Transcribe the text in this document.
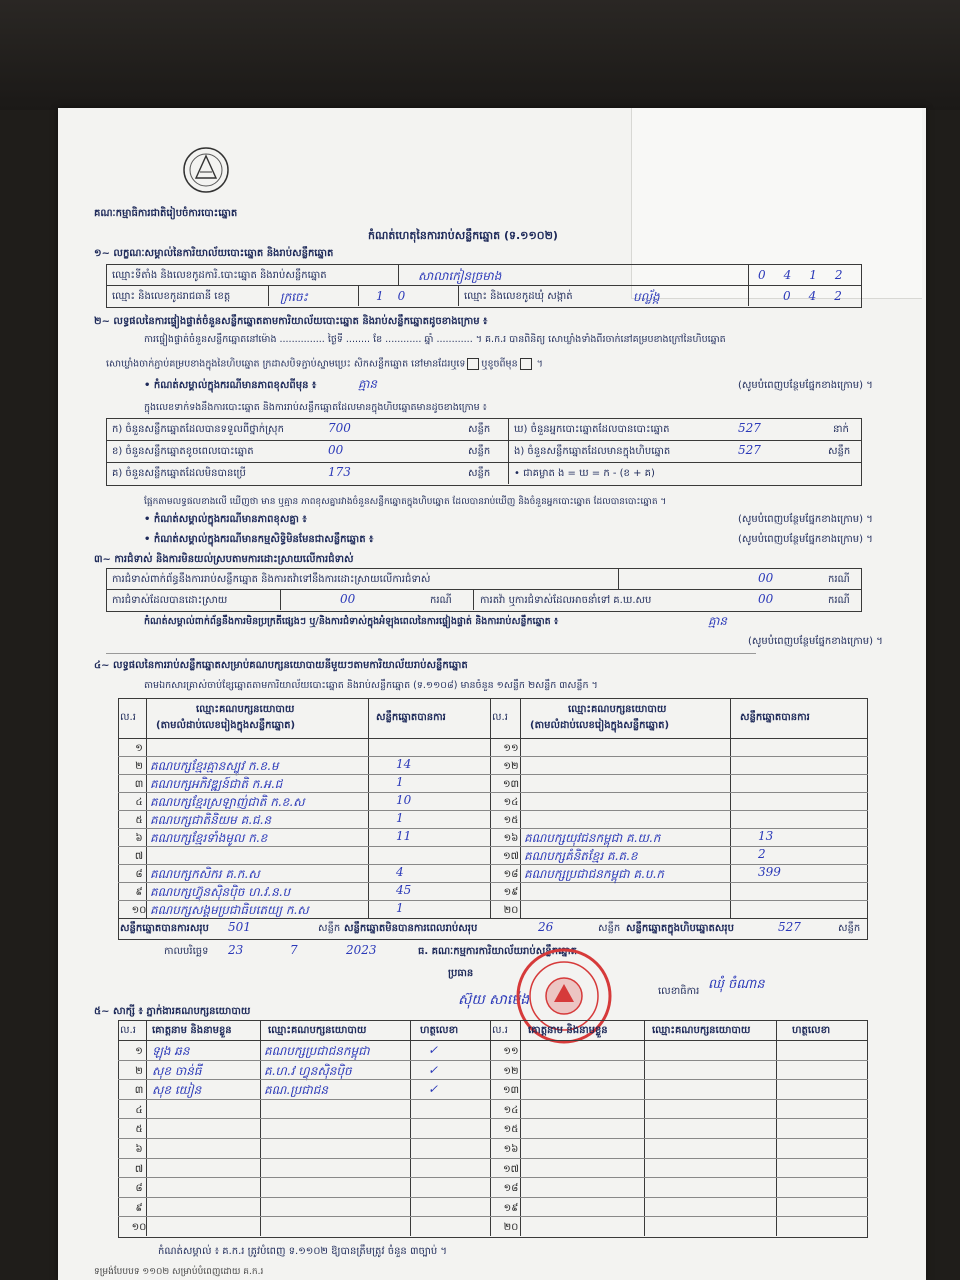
គណៈកម្មាធិការជាតិរៀបចំការបោះឆ្នោត
កំណត់ហេតុនៃការរាប់សន្លឹកឆ្នោត (ទ.១១០២)
១~ លក្ខណៈសម្គាល់នៃការិយាល័យបោះឆ្នោត និងរាប់សន្លឹកឆ្នោត
ឈ្មោះទីតាំង និងលេខកូដការិ.បោះឆ្នោត និងរាប់សន្លឹកឆ្នោត	សាលាកៀនច្រមាង	0412
ឈ្មោះ និងលេខកូដរាជធានី ខេត្ត	ក្រចេះ	10	ឈ្មោះ និងលេខកូដឃុំ សង្កាត់	បល្ល័ង្ក	042
២~ លទ្ធផលនៃការផ្ទៀងផ្ទាត់ចំនួនសន្លឹកឆ្នោតតាមការិយាល័យបោះឆ្នោត និងរាប់សន្លឹកឆ្នោតដូចខាងក្រោម ៖
ការផ្ទៀងផ្ទាត់ចំនួនសន្លឹកឆ្នោតនៅម៉ោង ............... ថ្ងៃទី ........ ខែ ............ ឆ្នាំ ............ ។ គ.ក.រ បានពិនិត្យ សោឃ្លាំងទាំងពីរចាក់នៅគម្របខាងក្រៅនៃហិបឆ្នោត
សោឃ្លាំងចាក់ភ្ជាប់គម្របខាងក្នុងនៃហិបឆ្នោត ក្រដាសបិទភ្ជាប់ស្នាមប្រេះ សិកសន្លឹកឆ្នោត នៅមានដែរឬទេ ឬខូចពីមុន ។
• កំណត់សម្គាល់ក្នុងករណីមានភាពខុសពីមុន ៖	គ្មាន	(សូមបំពេញបន្ថែមផ្នែកខាងក្រោម) ។
ក្នុងលេខទាក់ទងនឹងការបោះឆ្នោត និងការរាប់សន្លឹកឆ្នោតដែលមានក្នុងហិបឆ្នោតមានដូចខាងក្រោម ៖
ក) ចំនួនសន្លឹកឆ្នោតដែលបានទទួលពីថ្នាក់ស្រុក	700	សន្លឹក
ខ) ចំនួនសន្លឹកឆ្នោតខូចពេលបោះឆ្នោត	00	សន្លឹក
គ) ចំនួនសន្លឹកឆ្នោតដែលមិនបានប្រើ	173	សន្លឹក
ឃ) ចំនួនអ្នកបោះឆ្នោតដែលបានបោះឆ្នោត	527	នាក់
ង) ចំនួនសន្លឹកឆ្នោតដែលមានក្នុងហិបឆ្នោត	527	សន្លឹក
• ជាគម្លាត ង = ឃ = ក - (ខ + គ)
ផ្អែកតាមលទ្ធផលខាងលើ ឃើញថា មាន ឬគ្មាន ភាពខុសគ្នារវាងចំនួនសន្លឹកឆ្នោតក្នុងហិបឆ្នោត ដែលបានរាប់ឃើញ និងចំនួនអ្នកបោះឆ្នោត ដែលបានបោះឆ្នោត ។
• កំណត់សម្គាល់ក្នុងករណីមានភាពខុសគ្នា ៖	(សូមបំពេញបន្ថែមផ្នែកខាងក្រោម) ។
• កំណត់សម្គាល់ក្នុងករណីមានកម្មសិទ្ធិមិនមែនជាសន្លឹកឆ្នោត ៖	(សូមបំពេញបន្ថែមផ្នែកខាងក្រោម) ។
៣~ ការជំទាស់ និងការមិនយល់ស្របតាមការដោះស្រាយលើការជំទាស់
ការជំទាស់ពាក់ព័ន្ធនឹងការរាប់សន្លឹកឆ្នោត និងការតវ៉ាទៅនឹងការដោះស្រាយលើការជំទាស់	00	ករណី
ការជំទាស់ដែលបានដោះស្រាយ	00	ករណី	ការតវ៉ា ឬការជំទាស់ដែលអាចនាំទៅ គ.ឃ.សប	00	ករណី
កំណត់សម្គាល់ពាក់ព័ន្ធនឹងការមិនប្រក្រតីផ្សេងៗ ឬ/និងការជំទាស់ក្នុងអំឡុងពេលនៃការផ្ទៀងផ្ទាត់ និងការរាប់សន្លឹកឆ្នោត ៖	គ្មាន
(សូមបំពេញបន្ថែមផ្នែកខាងក្រោម) ។
៤~ លទ្ធផលនៃការរាប់សន្លឹកឆ្នោតសម្រាប់គណបក្សនយោបាយនីមួយៗតាមការិយាល័យរាប់សន្លឹកឆ្នោត
តាមឯកសារគ្រាស់ចាប់ខ្សែឆ្នោតតាមការិយាល័យបោះឆ្នោត និងរាប់សន្លឹកឆ្នោត (ទ.១១០៨) មានចំនួន ១សន្លឹក ២សន្លឹក ៣សន្លឹក ។
ល.រ
ឈ្មោះគណបក្សនយោបាយ
(តាមលំដាប់លេខរៀងក្នុងសន្លឹកឆ្នោត)
សន្លឹកឆ្នោតបានការ	ល.រ
ឈ្មោះគណបក្សនយោបាយ
(តាមលំដាប់លេខរៀងក្នុងសន្លឹកឆ្នោត)
សន្លឹកឆ្នោតបានការ
១
២ គណបក្សខ្មែរគ្មានស្បូវ ក.ខ.ម	14
៣ គណបក្សអភិវឌ្ឍន៍ជាតិ ក.អ.ជ	1
៤ គណបក្សខ្មែរស្រឡាញ់ជាតិ ក.ខ.ស	10
៥ គណបក្សជាតិនិយម គ.ជ.ន	1
៦ គណបក្សខ្មែរទាំងមូល ក.ខ	11
៧
៨ គណបក្សកសិករ គ.ក.ស	4
៩ គណបក្សហ៊្វុនស៊ិនប៉ិច ហ.វ.ន.ប	45
១០ គណបក្សសង្គមប្រជាធិបតេយ្យ ក.ស	1
១១
១២
១៣
១៤
១៥
១៦ គណបក្សយុវជនកម្ពុជា គ.យ.ក	13
១៧ គណបក្សគំនិតខ្មែរ គ.គ.ខ	2
១៨ គណបក្សប្រជាជនកម្ពុជា គ.ប.ក	399
១៩
២០
សន្លឹកឆ្នោតបានការសរុប 501	សន្លឹក សន្លឹកឆ្នោតមិនបានការពេលរាប់សរុប	26	សន្លឹក សន្លឹកឆ្នោតក្នុងហិបឆ្នោតសរុប	527	សន្លឹក
កាលបរិច្ឆេទ 23	7	2023	ធ. គណៈកម្មការការិយាល័យរាប់សន្លឹកឆ្នោត
ប្រធាន
ស៊ុយ សាម៉េង
លេខាធិការ ឈុំ ចំណាន
៥~ សាក្សី ៖ ភ្នាក់ងារគណបក្សនយោបាយ
ល.រ គោត្តនាម និងនាមខ្លួន	ឈ្មោះគណបក្សនយោបាយ	ហត្ថលេខា	ល.រ គោត្តនាម និងនាមខ្លួន	ឈ្មោះគណបក្សនយោបាយ	ហត្ថលេខា
១ ឡុង ឆន	គណបក្សប្រជាជនកម្ពុជា	✓
២ សុខ ចាន់ធី	គ.ហ.វ ហ្វុនស៊ិនប៉ិច	✓
៣ សុខ យៀន	គណ.ប្រជាជន	✓
៤
៥
៦
៧
៨
៩
១០
១១
១២
១៣
១៤
១៥
១៦
១៧
១៨
១៩
២០
កំណត់សម្គាល់ ៖ គ.ក.រ ត្រូវបំពេញ ទ.១១០២ ឱ្យបានត្រឹមត្រូវ ចំនួន ៣ច្បាប់ ។
ទម្រង់បែបបទ ១១០២ សម្រាប់បំពេញដោយ គ.ក.រ
